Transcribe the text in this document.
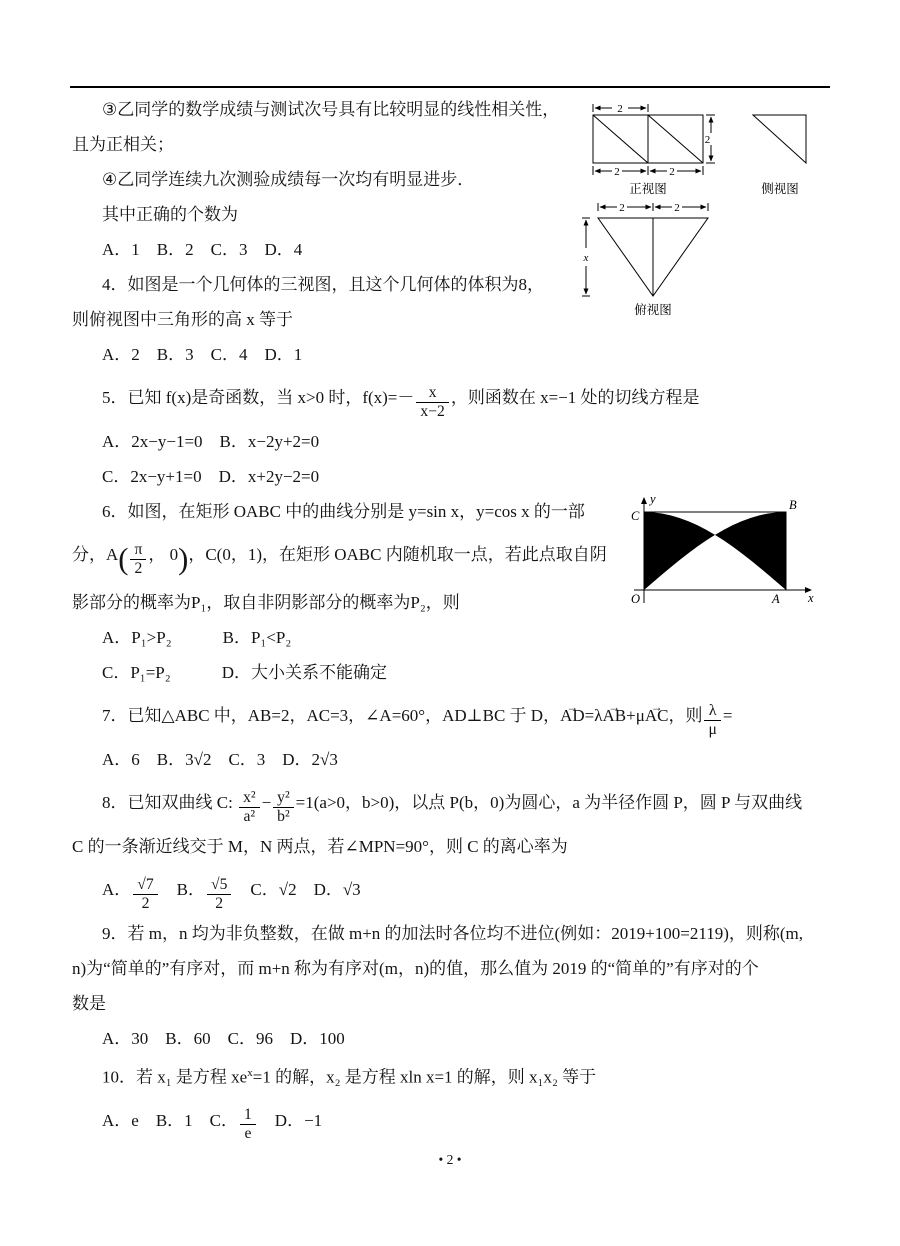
③乙同学的数学成绩与测试次号具有比较明显的线性相关性，

且为正相关；

④乙同学连续九次测验成绩每一次均有明显进步．

其中正确的个数为

A．1　B．2　C．3　D．4

4．如图是一个几何体的三视图，且这个几何体的体积为8，

则俯视图中三角形的高 x 等于

A．2　B．3　C．4　D．1

5．已知 f(x)是奇函数，当 x>0 时，$f(x)=- \frac{x}{x-2}$ ，则函数在 x=−1 处的切线方程是

A．2x−y−1=0　B．x−2y+2=0

C．2x−y+1=0　D．x+2y−2=0

6．如图，在矩形 OABC 中的曲线分别是 y=sin x，y=cos x 的一部

分，$A( \frac{\pi}{2}$ ， 0)，C(0，1)，在矩形 OABC 内随机取一点，若此点取自阴

影部分的概率为P₁，取自非阴影部分的概率为P₂，则

A．P₁>P₂　　　B．P₁<P₂

C．P₁=P₂　　　D．大小关系不能确定

7．已知△ABC 中，AB=2，AC=3，∠A=60°，AD⊥BC 于 D，AD →=λAB →+μAC →，则 $\frac{\lambda}{\mu}$ =

A．6　B．3√2　C．3　D．2√3

8．已知双曲线 C: $\frac{\text{x²}}{\text{a²}} - \frac{\text{y²}}{\text{b²}} =1(a>0$，b>0)，以点 P(b，0)为圆心，a 为半径作圆 P，圆 P 与双曲线

C 的一条渐近线交于 M，N 两点，若∠MPN=90°，则 C 的离心率为

A． $\frac{√7}{2}$ 　B． $\frac{√5}{2}$ 　C．√2　D．√3

9．若 m，n 均为非负整数，在做 m+n 的加法时各位均不进位(例如：2019+100=2119)，则称(m,

n)为“简单的”有序对，而 m+n 称为有序对(m，n)的值，那么值为 2019 的“简单的”有序对的个

数是

A．30　B．60　C．96　D．100

10．若 x₁ 是方程 $xe^x=1$ 的解，x₂ 是方程 xln x=1 的解，则 x₁x₂ 等于

A．e　B．1　C． $\frac{1}{e}$ 　D．−1

2
2
2	2
正视图	侧视图
2	2
x
俯视图
y
x
C
B
O	A
• 2 •
